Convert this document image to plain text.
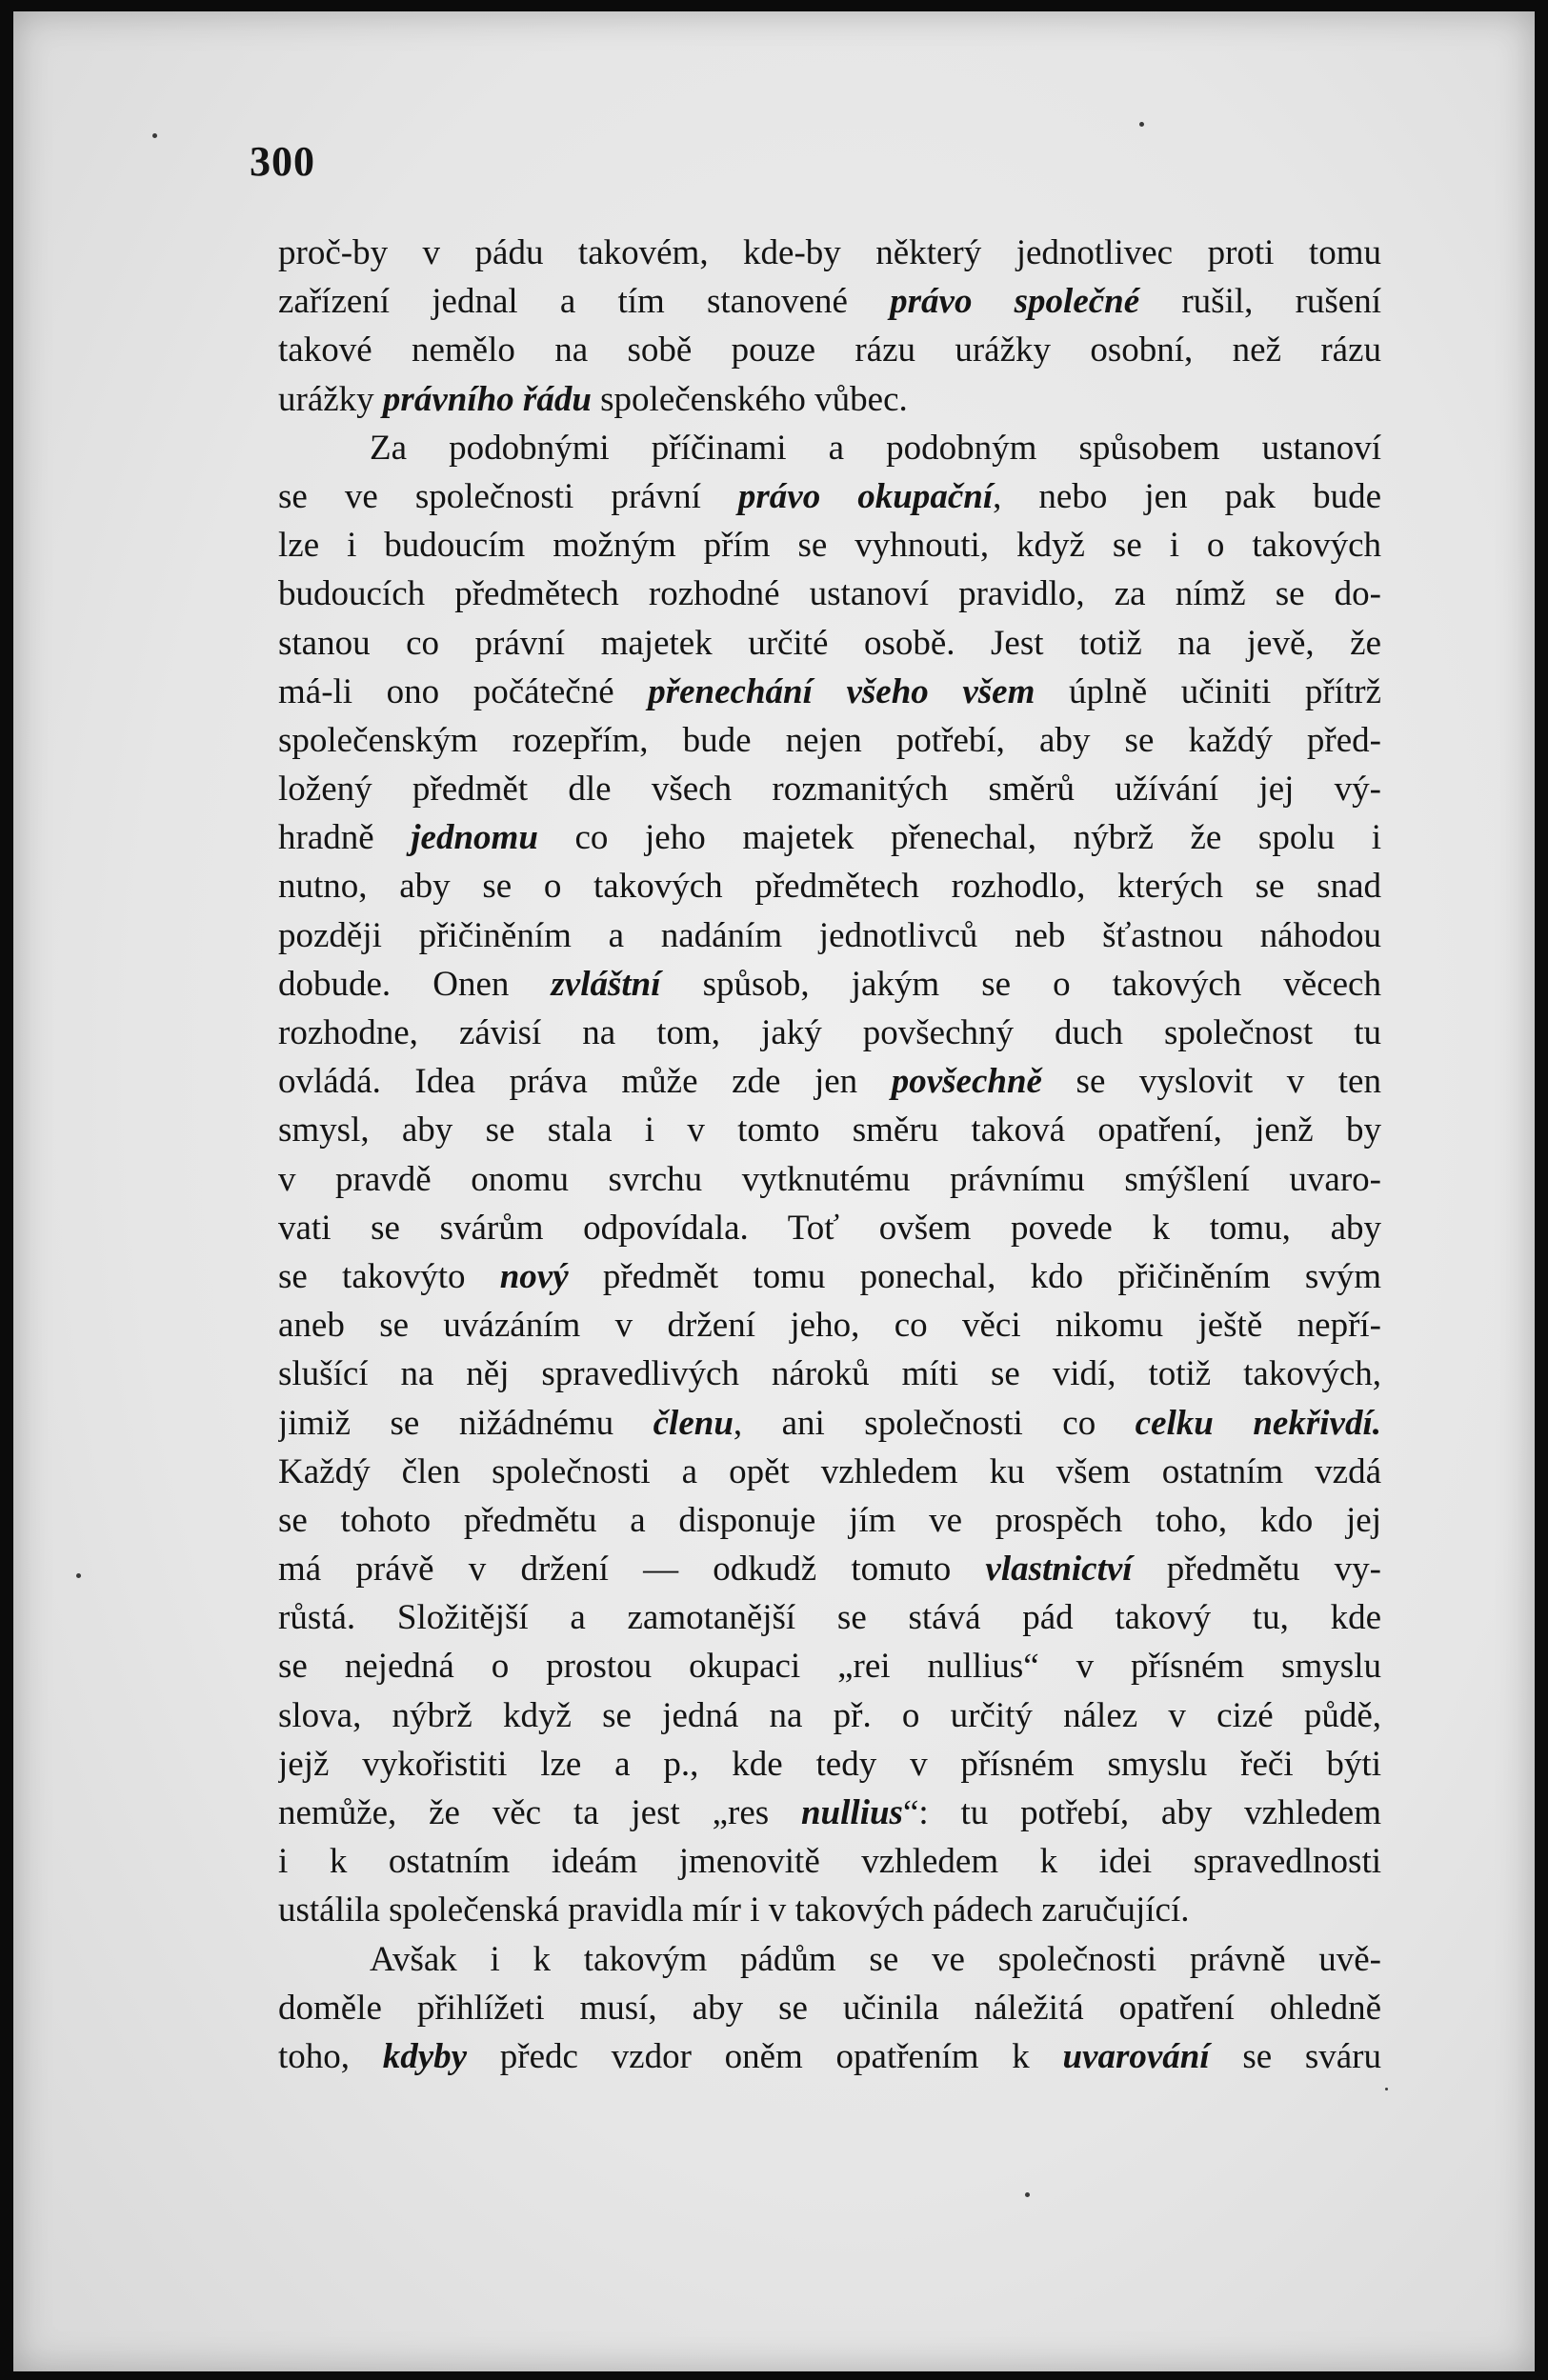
300
proč-by v pádu takovém, kde-by některý jednotlivec proti tomu
zařízení jednal a tím stanovené právo společné rušil, rušení
takové nemělo na sobě pouze rázu urážky osobní, než rázu
urážky právního řádu společenského vůbec.
Za podobnými příčinami a podobným spůsobem ustanoví
se ve společnosti právní právo okupační, nebo jen pak bude
lze i budoucím možným přím se vyhnouti, když se i o takových
budoucích předmětech rozhodné ustanoví pravidlo, za nímž se do-
stanou co právní majetek určité osobě. Jest totiž na jevě, že
má-li ono počátečné přenechání všeho všem úplně učiniti přítrž
společenským rozepřím, bude nejen potřebí, aby se každý před-
ložený předmět dle všech rozmanitých směrů užívání jej vý-
hradně jednomu co jeho majetek přenechal, nýbrž že spolu i
nutno, aby se o takových předmětech rozhodlo, kterých se snad
později přičiněním a nadáním jednotlivců neb šťastnou náhodou
dobude. Onen zvláštní spůsob, jakým se o takových věcech
rozhodne, závisí na tom, jaký povšechný duch společnost tu
ovládá. Idea práva může zde jen povšechně se vyslovit v ten
smysl, aby se stala i v tomto směru taková opatření, jenž by
v pravdě onomu svrchu vytknutému právnímu smýšlení uvaro-
vati se svárům odpovídala. Toť ovšem povede k tomu, aby
se takovýto nový předmět tomu ponechal, kdo přičiněním svým
aneb se uvázáním v držení jeho, co věci nikomu ještě nepří-
slušící na něj spravedlivých nároků míti se vidí, totiž takových,
jimiž se nižádnému členu, ani společnosti co celku nekřivdí.
Každý člen společnosti a opět vzhledem ku všem ostatním vzdá
se tohoto předmětu a disponuje jím ve prospěch toho, kdo jej
má právě v držení — odkudž tomuto vlastnictví předmětu vy-
růstá. Složitější a zamotanější se stává pád takový tu, kde
se nejedná o prostou okupaci „rei nullius“ v přísném smyslu
slova, nýbrž když se jedná na př. o určitý nález v cizé půdě,
jejž vykořistiti lze a p., kde tedy v přísném smyslu řeči býti
nemůže, že věc ta jest „res nullius“: tu potřebí, aby vzhledem
i k ostatním ideám jmenovitě vzhledem k idei spravedlnosti
ustálila společenská pravidla mír i v takových pádech zaručující.
Avšak i k takovým pádům se ve společnosti právně uvě-
doměle přihlížeti musí, aby se učinila náležitá opatření ohledně
toho, kdyby předc vzdor oněm opatřením k uvarování se sváru
